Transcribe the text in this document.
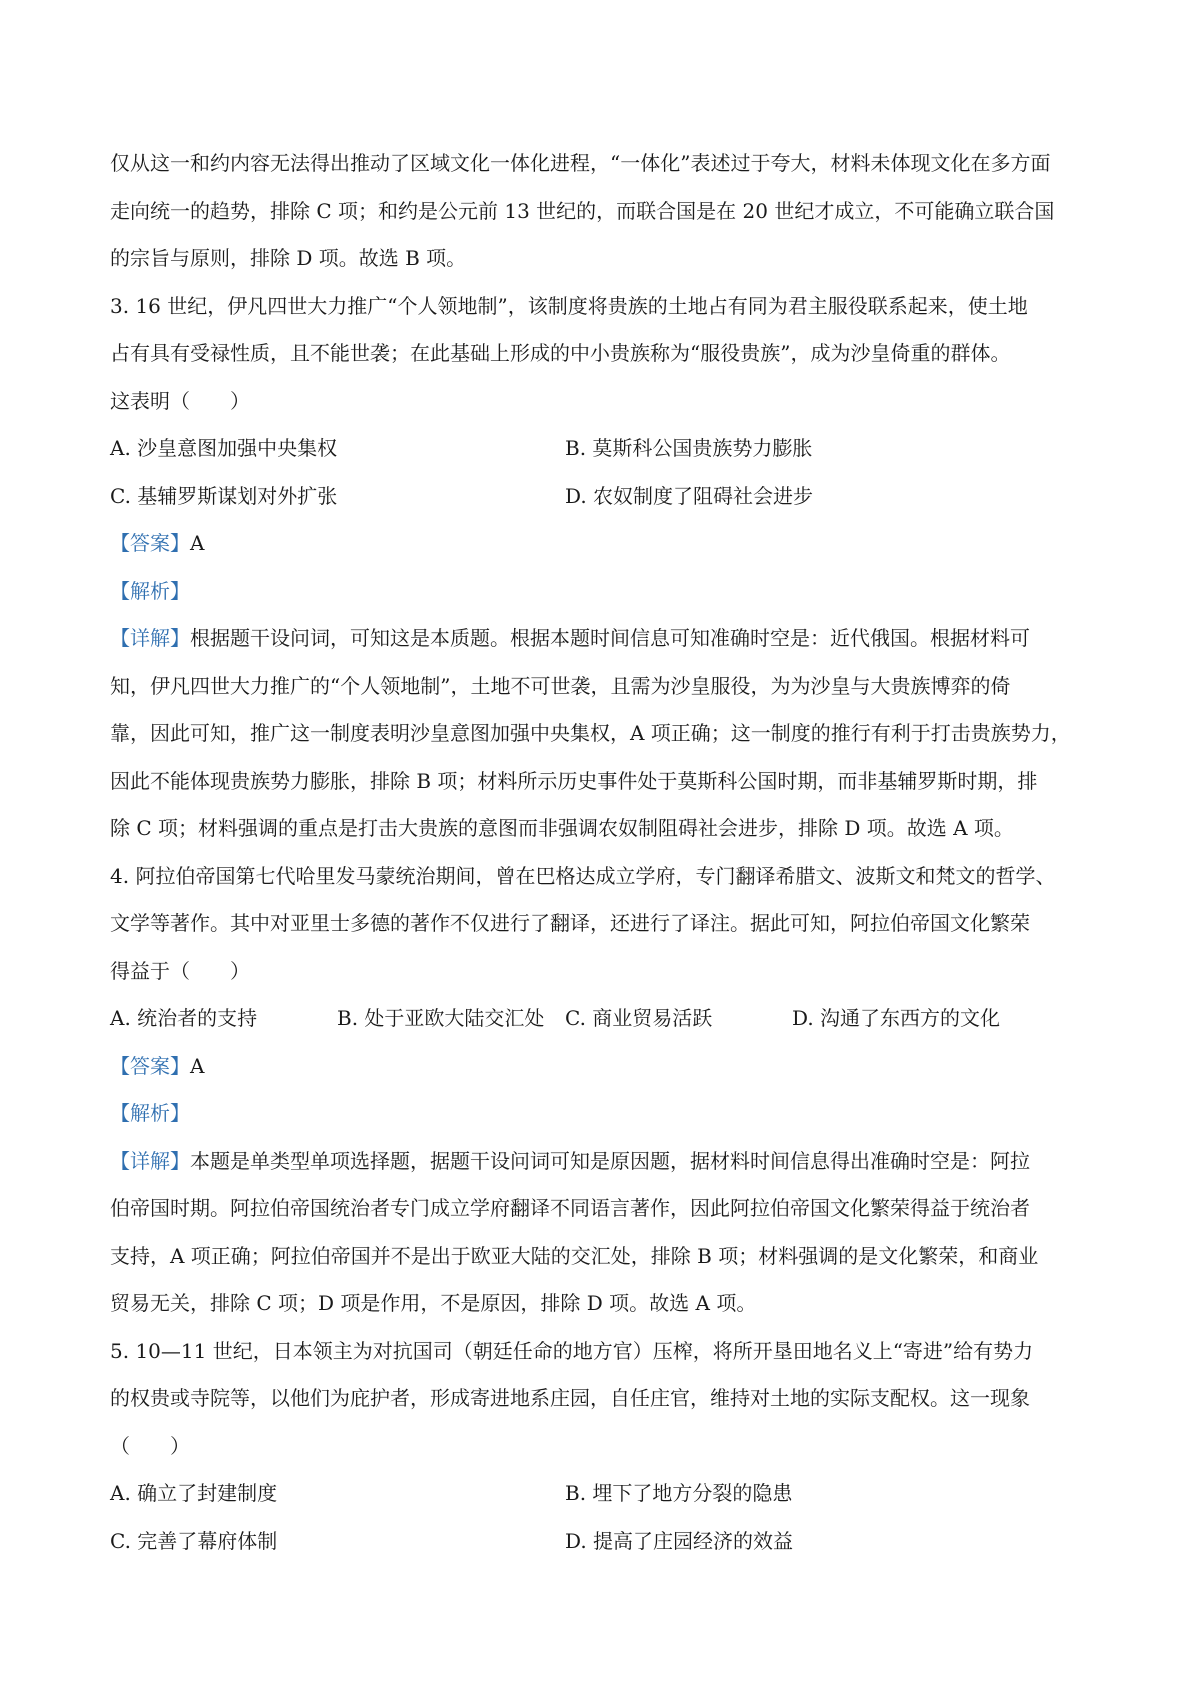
仅从这一和约内容无法得出推动了区域文化一体化进程，“一体化”表述过于夸大，材料未体现文化在多方面
走向统一的趋势，排除 C 项；和约是公元前 13 世纪的，而联合国是在 20 世纪才成立，不可能确立联合国
的宗旨与原则，排除 D 项。故选 B 项。
3. 16 世纪，伊凡四世大力推广“个人领地制”，该制度将贵族的土地占有同为君主服役联系起来，使土地
占有具有受禄性质，且不能世袭；在此基础上形成的中小贵族称为“服役贵族”，成为沙皇倚重的群体。
这表明（　　）
A. 沙皇意图加强中央集权	B. 莫斯科公国贵族势力膨胀
C. 基辅罗斯谋划对外扩张	D. 农奴制度了阻碍社会进步
【答案】A
【解析】
【详解】根据题干设问词，可知这是本质题。根据本题时间信息可知准确时空是：近代俄国。根据材料可
知，伊凡四世大力推广的“个人领地制”，土地不可世袭，且需为沙皇服役，为为沙皇与大贵族博弈的倚
靠，因此可知，推广这一制度表明沙皇意图加强中央集权，A 项正确；这一制度的推行有利于打击贵族势力，
因此不能体现贵族势力膨胀，排除 B 项；材料所示历史事件处于莫斯科公国时期，而非基辅罗斯时期，排
除 C 项；材料强调的重点是打击大贵族的意图而非强调农奴制阻碍社会进步，排除 D 项。故选 A 项。
4. 阿拉伯帝国第七代哈里发马蒙统治期间，曾在巴格达成立学府，专门翻译希腊文、波斯文和梵文的哲学、
文学等著作。其中对亚里士多德的著作不仅进行了翻译，还进行了译注。据此可知，阿拉伯帝国文化繁荣
得益于（　　）
A. 统治者的支持	B. 处于亚欧大陆交汇处 C. 商业贸易活跃	D. 沟通了东西方的文化
【答案】A
【解析】
【详解】本题是单类型单项选择题，据题干设问词可知是原因题，据材料时间信息得出准确时空是：阿拉
伯帝国时期。阿拉伯帝国统治者专门成立学府翻译不同语言著作，因此阿拉伯帝国文化繁荣得益于统治者
支持，A 项正确；阿拉伯帝国并不是出于欧亚大陆的交汇处，排除 B 项；材料强调的是文化繁荣，和商业
贸易无关，排除 C 项；D 项是作用，不是原因，排除 D 项。故选 A 项。
5. 10—11 世纪，日本领主为对抗国司（朝廷任命的地方官）压榨，将所开垦田地名义上“寄进”给有势力
的权贵或寺院等，以他们为庇护者，形成寄进地系庄园，自任庄官，维持对土地的实际支配权。这一现象
（　　）
A. 确立了封建制度	B. 埋下了地方分裂的隐患
C. 完善了幕府体制	D. 提高了庄园经济的效益
